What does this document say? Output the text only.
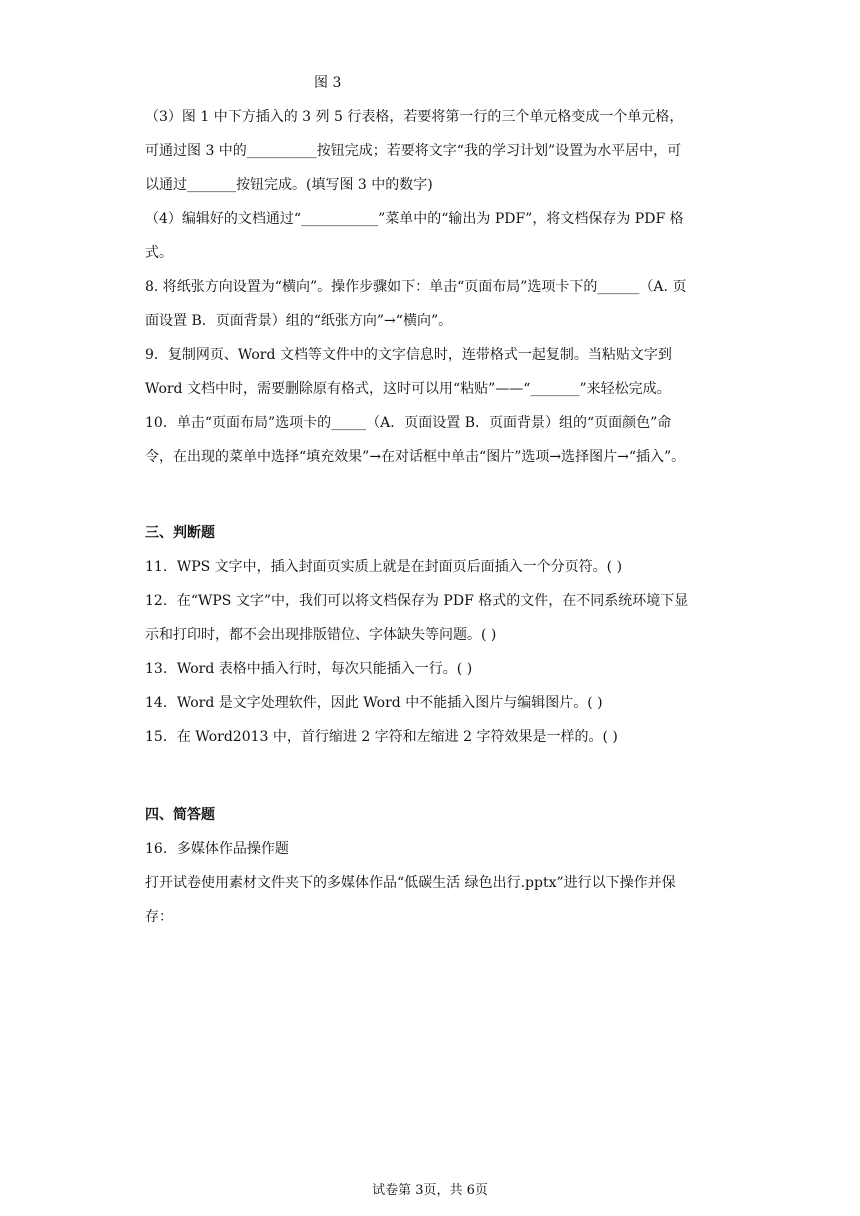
图 3
（3）图 1 中下方插入的 3 列 5 行表格，若要将第一行的三个单元格变成一个单元格，
可通过图 3 中的__________按钮完成；若要将文字“我的学习计划”设置为水平居中，可
以通过_______按钮完成。(填写图 3 中的数字)
（4）编辑好的文档通过“___________”菜单中的“输出为 PDF”，将文档保存为 PDF 格
式。
8. 将纸张方向设置为“横向”。操作步骤如下：单击“页面布局”选项卡下的______（A. 页
面设置 B．页面背景）组的“纸张方向”→“横向”。
9．复制网页、Word 文档等文件中的文字信息时，连带格式一起复制。当粘贴文字到
Word 文档中时，需要删除原有格式，这时可以用“粘贴”——“_______”来轻松完成。
10．单击“页面布局”选项卡的_____（A．页面设置 B．页面背景）组的“页面颜色”命
令，在出现的菜单中选择“填充效果”→在对话框中单击“图片”选项→选择图片→“插入”。
三、判断题
11．WPS 文字中，插入封面页实质上就是在封面页后面插入一个分页符。( )
12．在“WPS 文字”中，我们可以将文档保存为 PDF 格式的文件，在不同系统环境下显
示和打印时，都不会出现排版错位、字体缺失等问题。( )
13．Word 表格中插入行时，每次只能插入一行。( )
14．Word 是文字处理软件，因此 Word 中不能插入图片与编辑图片。( )
15．在 Word2013 中，首行缩进 2 字符和左缩进 2 字符效果是一样的。( )
四、简答题
16．多媒体作品操作题
打开试卷使用素材文件夹下的多媒体作品“低碳生活 绿色出行.pptx”进行以下操作并保
存：
试卷第 3页，共 6页
